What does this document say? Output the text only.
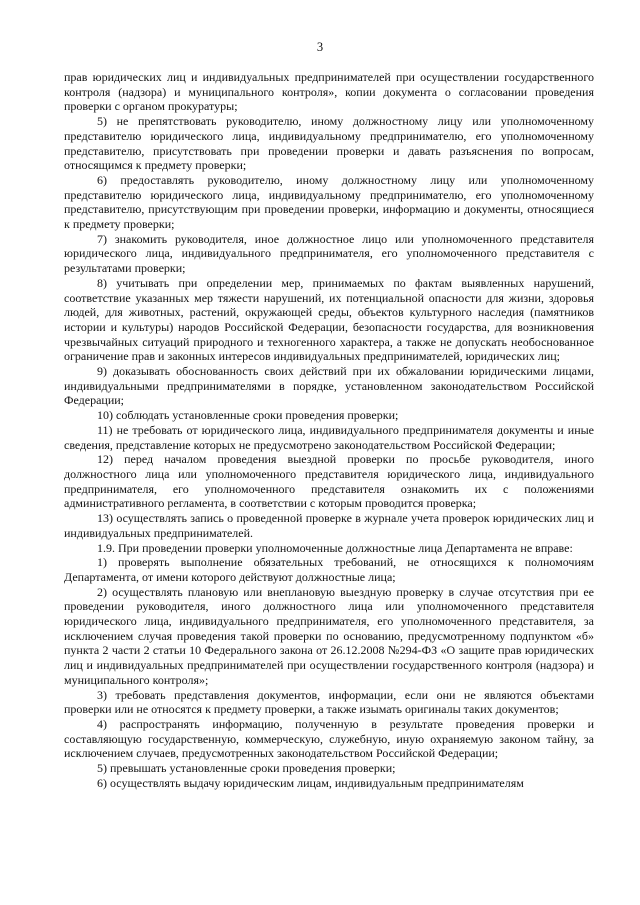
3

прав юридических лиц и индивидуальных предпринимателей при осуществлении государственного контроля (надзора) и муниципального контроля», копии документа о согласовании проведения проверки с органом прокуратуры;

5) не препятствовать руководителю, иному должностному лицу или уполномоченному представителю юридического лица, индивидуальному предпринимателю, его уполномоченному представителю, присутствовать при проведении проверки и давать разъяснения по вопросам, относящимся к предмету проверки;

6) предоставлять руководителю, иному должностному лицу или уполномоченному представителю юридического лица, индивидуальному предпринимателю, его уполномоченному представителю, присутствующим при проведении проверки, информацию и документы, относящиеся к предмету проверки;

7) знакомить руководителя, иное должностное лицо или уполномоченного представителя юридического лица, индивидуального предпринимателя, его уполномоченного представителя с результатами проверки;

8) учитывать при определении мер, принимаемых по фактам выявленных нарушений, соответствие указанных мер тяжести нарушений, их потенциальной опасности для жизни, здоровья людей, для животных, растений, окружающей среды, объектов культурного наследия (памятников истории и культуры) народов Российской Федерации, безопасности государства, для возникновения чрезвычайных ситуаций природного и техногенного характера, а также не допускать необоснованное ограничение прав и законных интересов индивидуальных предпринимателей, юридических лиц;

9) доказывать обоснованность своих действий при их обжаловании юридическими лицами, индивидуальными предпринимателями в порядке, установленном законодательством Российской Федерации;

10) соблюдать установленные сроки проведения проверки;

11) не требовать от юридического лица, индивидуального предпринимателя документы и иные сведения, представление которых не предусмотрено законодательством Российской Федерации;

12) перед началом проведения выездной проверки по просьбе руководителя, иного должностного лица или уполномоченного представителя юридического лица, индивидуального предпринимателя, его уполномоченного представителя ознакомить их с положениями административного регламента, в соответствии с которым проводится проверка;

13) осуществлять запись о проведенной проверке в журнале учета проверок юридических лиц и индивидуальных предпринимателей.

1.9. При проведении проверки уполномоченные должностные лица Департамента не вправе:

1) проверять выполнение обязательных требований, не относящихся к полномочиям Департамента, от имени которого действуют должностные лица;

2) осуществлять плановую или внеплановую выездную проверку в случае отсутствия при ее проведении руководителя, иного должностного лица или уполномоченного представителя юридического лица, индивидуального предпринимателя, его уполномоченного представителя, за исключением случая проведения такой проверки по основанию, предусмотренному подпунктом «б» пункта 2 части 2 статьи 10 Федерального закона от 26.12.2008 №294-ФЗ «О защите прав юридических лиц и индивидуальных предпринимателей при осуществлении государственного контроля (надзора) и муниципального контроля»;

3) требовать представления документов, информации, если они не являются объектами проверки или не относятся к предмету проверки, а также изымать оригиналы таких документов;

4) распространять информацию, полученную в результате проведения проверки и составляющую государственную, коммерческую, служебную, иную охраняемую законом тайну, за исключением случаев, предусмотренных законодательством Российской Федерации;

5) превышать установленные сроки проведения проверки;

6) осуществлять выдачу юридическим лицам, индивидуальным предпринимателям
